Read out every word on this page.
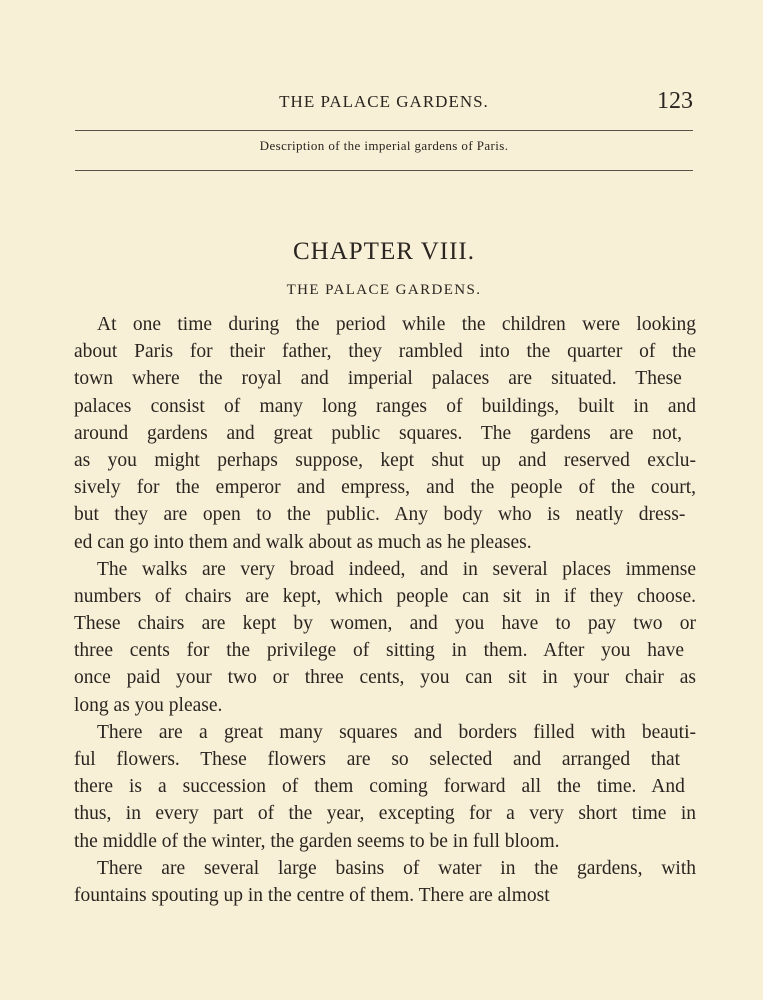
THE PALACE GARDENS.	123
Description of the imperial gardens of Paris.
CHAPTER VIII.
THE PALACE GARDENS.
At one time during the period while the children were looking
about Paris for their father, they rambled into the quarter of the
town where the royal and imperial palaces are situated. These
palaces consist of many long ranges of buildings, built in and
around gardens and great public squares. The gardens are not,
as you might perhaps suppose, kept shut up and reserved exclu-
sively for the emperor and empress, and the people of the court,
but they are open to the public. Any body who is neatly dress-
ed can go into them and walk about as much as he pleases.
The walks are very broad indeed, and in several places immense
numbers of chairs are kept, which people can sit in if they choose.
These chairs are kept by women, and you have to pay two or
three cents for the privilege of sitting in them. After you have
once paid your two or three cents, you can sit in your chair as
long as you please.
There are a great many squares and borders filled with beauti-
ful flowers. These flowers are so selected and arranged that
there is a succession of them coming forward all the time. And
thus, in every part of the year, excepting for a very short time in
the middle of the winter, the garden seems to be in full bloom.
There are several large basins of water in the gardens, with
fountains spouting up in the centre of them. There are almost
